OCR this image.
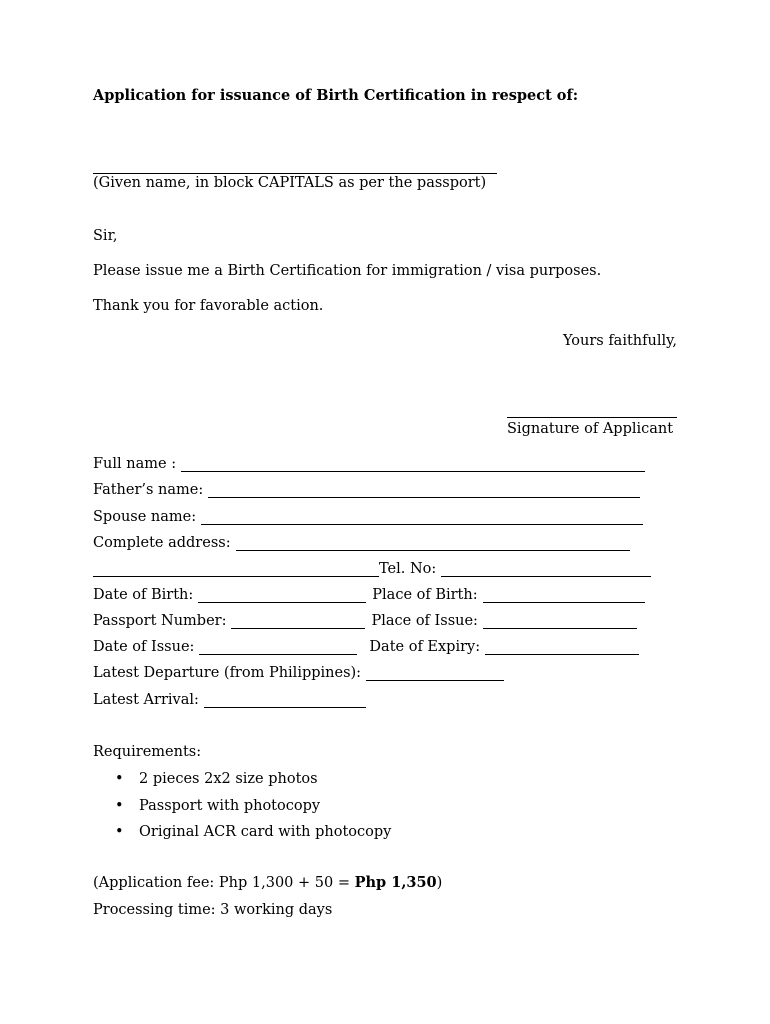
Application for issuance of Birth Certification in respect of:
(Given name, in block CAPITALS as per the passport)
Sir,
Please issue me a Birth Certification for immigration / visa purposes.
Thank you for favorable action.
Yours faithfully,
Signature of Applicant
Full name :
Father’s name:
Spouse name:
Complete address:
Tel. No:
Date of Birth:	Place of Birth:
Passport Number:	Place of Issue:
Date of Issue:	Date of Expiry:
Latest Departure (from Philippines):
Latest Arrival:
Requirements:
• 2 pieces 2x2 size photos
• Passport with photocopy
• Original ACR card with photocopy
(Application fee: Php 1,300 + 50 = Php 1,350)
Processing time: 3 working days
